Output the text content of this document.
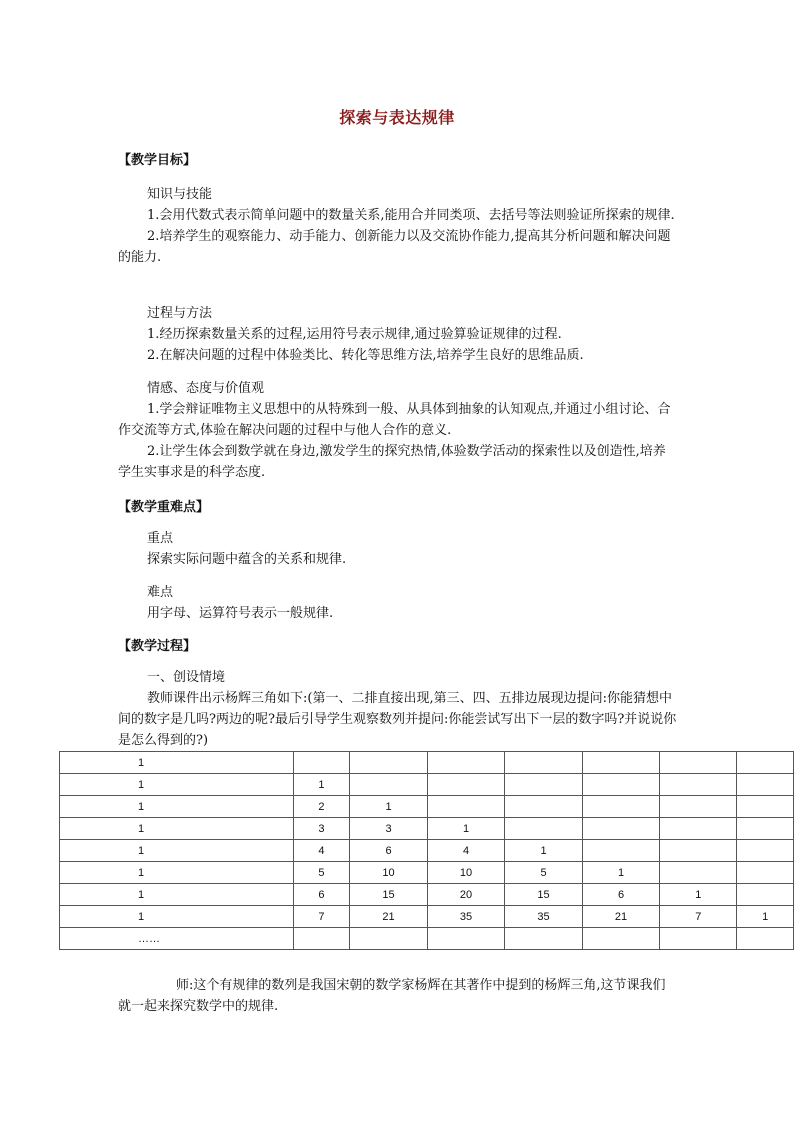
探索与表达规律
【教学目标】
知识与技能

1.会用代数式表示简单问题中的数量关系,能用合并同类项、去括号等法则验证所探索的规律.

2.培养学生的观察能力、动手能力、创新能力以及交流协作能力,提高其分析问题和解决问题的能力.

过程与方法

1.经历探索数量关系的过程,运用符号表示规律,通过验算验证规律的过程.

2.在解决问题的过程中体验类比、转化等思维方法,培养学生良好的思维品质.

情感、态度与价值观

1.学会辩证唯物主义思想中的从特殊到一般、从具体到抽象的认知观点,并通过小组讨论、合作交流等方式,体验在解决问题的过程中与他人合作的意义.

2.让学生体会到数学就在身边,激发学生的探究热情,体验数学活动的探索性以及创造性,培养学生实事求是的科学态度.

【教学重难点】
重点
探索实际问题中蕴含的关系和规律.
难点
用字母、运算符号表示一般规律.
【教学过程】
一、创设情境

教师课件出示杨辉三角如下:(第一、二排直接出现,第三、四、五排边展现边提问:你能猜想中间的数字是几吗?两边的呢?最后引导学生观察数列并提问:你能尝试写出下一层的数字吗?并说说你是怎么得到的?)

1							
1	1						
1	2	1					
1	3	3	1				
1	4	6	4	1			
1	5	10	10	5	1		
1	6	15	20	15	6	1	
1	7	21	35	35	21	7	1
……							

师:这个有规律的数列是我国宋朝的数学家杨辉在其著作中提到的杨辉三角,这节课我们就一起来探究数学中的规律.
